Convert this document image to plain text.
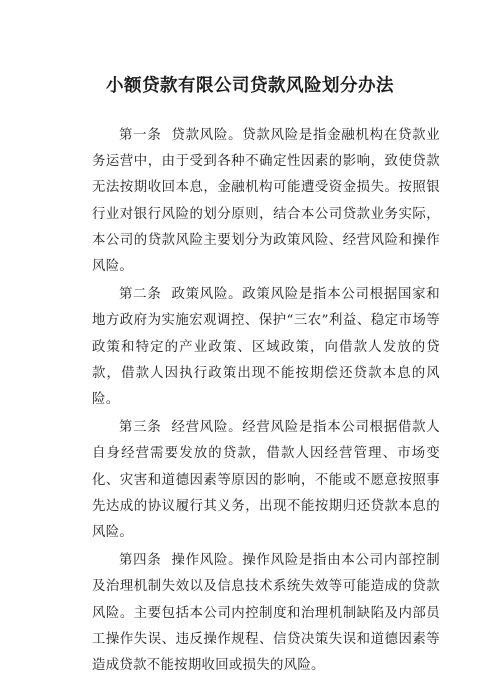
小额贷款有限公司贷款风险划分办法

第一条 贷款风险。贷款风险是指金融机构在贷款业务运营中，由于受到各种不确定性因素的影响，致使贷款无法按期收回本息，金融机构可能遭受资金损失。按照银行业对银行风险的划分原则，结合本公司贷款业务实际，本公司的贷款风险主要划分为政策风险、经营风险和操作风险。

第二条 政策风险。政策风险是指本公司根据国家和地方政府为实施宏观调控、保护“三农”利益、稳定市场等政策和特定的产业政策、区域政策，向借款人发放的贷款，借款人因执行政策出现不能按期偿还贷款本息的风险。

第三条 经营风险。经营风险是指本公司根据借款人自身经营需要发放的贷款，借款人因经营管理、市场变化、灾害和道德因素等原因的影响，不能或不愿意按照事先达成的协议履行其义务，出现不能按期归还贷款本息的风险。

第四条 操作风险。操作风险是指由本公司内部控制及治理机制失效以及信息技术系统失效等可能造成的贷款风险。主要包括本公司内控制度和治理机制缺陷及内部员工操作失误、违反操作规程、信贷决策失误和道德因素等造成贷款不能按期收回或损失的风险。
